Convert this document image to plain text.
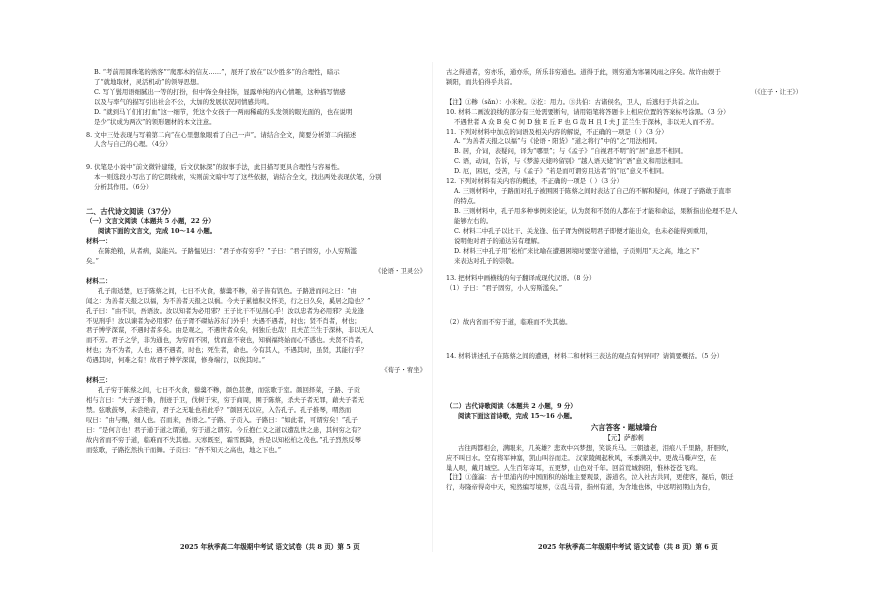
B. “考前用圆珠笔的熟客”“爬那木的信友……”，展开了放在“以少胜多”的合理性，暗示
了“就地取材，灵活机动”的领导思想。
C. 写丫鬟用语细腻出一等的打扮，但中饰全身挂饰，显露单纯的内心情趣，这种描写情感
以及与率气的描写引出社会不公，大加的发展状况同情感共鸣。
D. “就到马丫们们打血”这一细节，凭这个女孩子一两雨稀疏的头发领的眼光面的，也在说明
是少“状成为两次”的领形题材的本文注意。
8. 文中三处表现与写着第二向“在心里想象眼看了自己一声”。请结合全文，简要分析第二向描述
人含与自己的心理。（4分）
9. 伏笔是小说中“前文微针建缕，后文伏脉深”的叙事手法，此目描写更具合理性与容易性。
本一则选段小写出了的它朗线索，实则前文暗中写了这些依据，请结合全文，找出两处表现伏笔，分别
分析其作用。（6分）
二、古代诗文阅读（37分）
（一）文言文阅读（本题共 5 小题，22 分）
阅读下面的文言文，完成 10～14 小题。
材料一：
在陈绝粮，从者病，莫能兴。子路愠见曰：“君子亦有穷乎？”子曰：“君子固穷，小人穷斯滥
矣。”
《论语・卫灵公》
材料二：
孔子南适楚，厄于陈蔡之间，七日不火食，藜羹不糁，弟子皆有饥色。子路进而问之曰：“由
闻之：为善者天报之以福，为不善者天报之以祸。今夫子累德积义怀美，行之日久矣，奚居之隐也？”
孔子曰：“由不识，吾语汝。汝以知者为必用邪？王子比干不见剖心乎！汝以忠者为必用邪？关龙逢
不见刑乎！汝以谏者为必用邪？伍子胥不磔姑苏东门外乎！夫遇不遇者，时也；贤不肖者，材也；
君子博学深谋，不遇时者多矣。由是观之，不遇世者众矣，何独丘也哉！且夫芷兰生于深林，非以无人
而不芳。君子之学，非为通也，为穷而不困，忧而意不衰也，知祸福终始而心不惑也。夫贤不肖者，
材也；为不为者，人也；遇不遇者，时也；死生者，命也。今有其人，不遇其时，虽贤，其能行乎？
苟遇其时，何难之有！故君子博学深谋，修身端行，以俟其时。”
《荀子・宥坐》
材料三：
孔子穷于陈蔡之间，七日不火食，藜羹不糁，颜色甚惫，而弦歌于室。颜回择菜，子路、子贡
相与言曰：“夫子逐于鲁，削迹于卫，伐树于宋，穷于商周，围于陈蔡，杀夫子者无罪，藉夫子者无
禁。弦歌鼓琴，未尝绝音，君子之无耻也若此乎？”颜回无以应，入告孔子。孔子推琴，喟然而
叹曰：“由与赐，细人也。召而来，吾语之。”子路、子贡入。子路曰：“如此者，可谓穷矣！”孔子
曰：“是何言也！君子通于道之谓通，穷于道之谓穷。今丘抱仁义之道以遭乱世之患，其何穷之有？
故内省而不穷于道，临难而不失其德。天寒既至，霜雪既降，吾是以知松柏之茂也。”孔子烈然反琴
而弦歌，子路扢然执干而舞。子贡曰：“吾不知天之高也，地之下也。”
2025 年秋季高二年级期中考试 语文试卷（共 8 页）第 5 页
古之得道者，穷亦乐，通亦乐，所乐非穷通也。道得于此，则穷通为寒暑风雨之序矣。故许由娱于
颍阳，而共伯得乎共首。
（《庄子・让王》）
【注】①糁（sǎn）：小米粒。②扢：用力。③共伯：古诸侯名，卫人，后逃归于共首之山。
10. 材料二画波浪线的部分有三处需要断句，请用铅笔将答题卡上相应位置的答案标号涂黑。（3 分）
不遇世者 A 众 B 矣 C 何 D 独 E 丘 F 也 G 哉 H 且 I 夫 J 芷兰生于深林，非以无人而不芳。
11. 下列对材料中加点的词语及相关内容的解说，不正确的一项是（ ）（3 分）
A. “为善者天报之以福”与《论语・阳货》“道之将行”中的“之”用法相同。
B. 居，介词，表疑问，译为“哪里”；与《孟子》“自视君不明”的“居”意思不相同。
C. 语，动词，告诉，与《梦游天姥吟留别》“越人语天姥”的“语”意义和用法相同。
D. 厄，困厄，受苦，与《孟子》“若是而可谓穷且达者”的“厄”意义不相同。
12. 下列对材料有关内容的概述，不正确的一项是（ ）（3 分）
A. 三则材料中，子路面对孔子被围困于陈蔡之间时表达了自己的不解和疑问，体现了子路敢于直率
的特点。
B. 三则材料中，孔子用多种事例来论证，认为贤和不贤的人都在于才能和命运，果断指出伦理不是人
能够左右的。
C. 材料二中孔子以比干、关龙逢、伍子胥为例说明君子即便才能出众，也未必能得到重用，
说明他对君子的通达另有理解。
D. 材料三中孔子用“松柏”来比喻在遭遇困境时要坚守道德，子贡则用“天之高，地之下”
来表达对孔子的崇敬。
13. 把材料中画横线的句子翻译成现代汉语。（8 分）
（1）子曰：“君子固穷，小人穷斯滥矣。”
（2）故内省而不穷于道，临难而不失其德。
14. 材料讲述孔子在陈蔡之间的遭遇，材料二和材料三表达的观点有何异同？请简要概括。（5 分）
（二）古代诗歌阅读（本题共 2 小题，9 分）
阅读下面这首诗歌，完成 15～16 小题。
六言答客・题城墙台
【元】萨都剌
古往两都相会，满眼来，几英雄？悲欢中兴梦想，笑谈兵马。三朝遗老，泪痕八千里路，肝胆吹，
应不叫日水。空有将军神塞，凯山叫谷而走。 汉家陵阙起秋风，禾黍满关中。更战马嘶声空，在
巢人呗，戴月城空。人生百年寄耳，五更梦，山色对千年。回首荒城斜阳，惟林苍苍飞鸡。
【注】①蓬瀛：古十里浦内的中国面积的始地主要观景，游道名，泣入社古共同，更使客，凝后，朝迁
行，寿隆帝得奇中天，宛然编写境界，②乱马昔，指州有道，为含地也体，中远明初期山为台，
2025 年秋季高二年级期中考试 语文试卷（共 8 页）第 6 页
